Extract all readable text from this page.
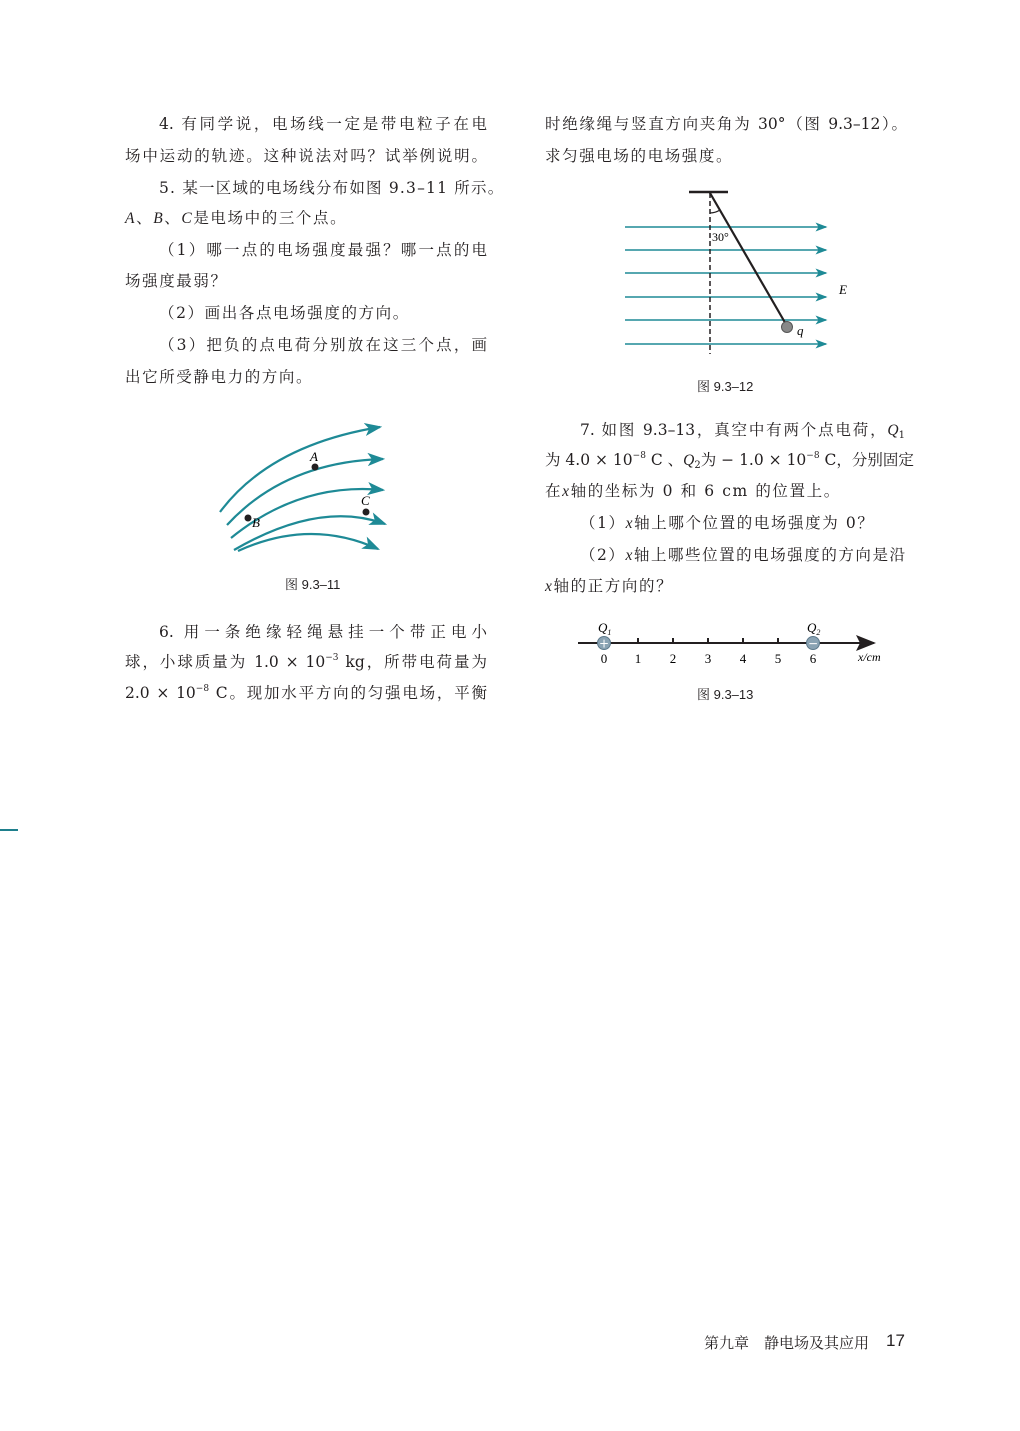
4. 有同学说，电场线一定是带电粒子在电
场中运动的轨迹。这种说法对吗？试举例说明。
5. 某一区域的电场线分布如图 9.3–11 所示。
A、B、C是电场中的三个点。
（1）哪一点的电场强度最强？哪一点的电
场强度最弱？
（2）画出各点电场强度的方向。
（3）把负的点电荷分别放在这三个点，画
出它所受静电力的方向。
A
B
C
30°
E
q
0 1 2 3 4 5 6	x/cm
+	−
$Q_1$	$Q_2$
图 9.3–11
6. 用一条绝缘轻绳悬挂一个带正电小
球，小球质量为 $1.0 \times 10^{-3}$ kg，所带电荷量为
$2.0 \times 10^{-8}$ C。现加水平方向的匀强电场，平衡
时绝缘绳与竖直方向夹角为 30°（图 9.3–12）。
求匀强电场的电场强度。
图 9.3–12
7. 如图 9.3–13，真空中有两个点电荷，$Q_1$
为 $4.0 \times 10^{-8}$ C 、$Q_2$为 − $1.0 \times 10^{-8}$ C，分别固定
在x轴的坐标为 0 和 6 cm 的位置上。
（1）x轴上哪个位置的电场强度为 0？
（2）x轴上哪些位置的电场强度的方向是沿
x轴的正方向的？
图 9.3–13
第九章　静电场及其应用 17
